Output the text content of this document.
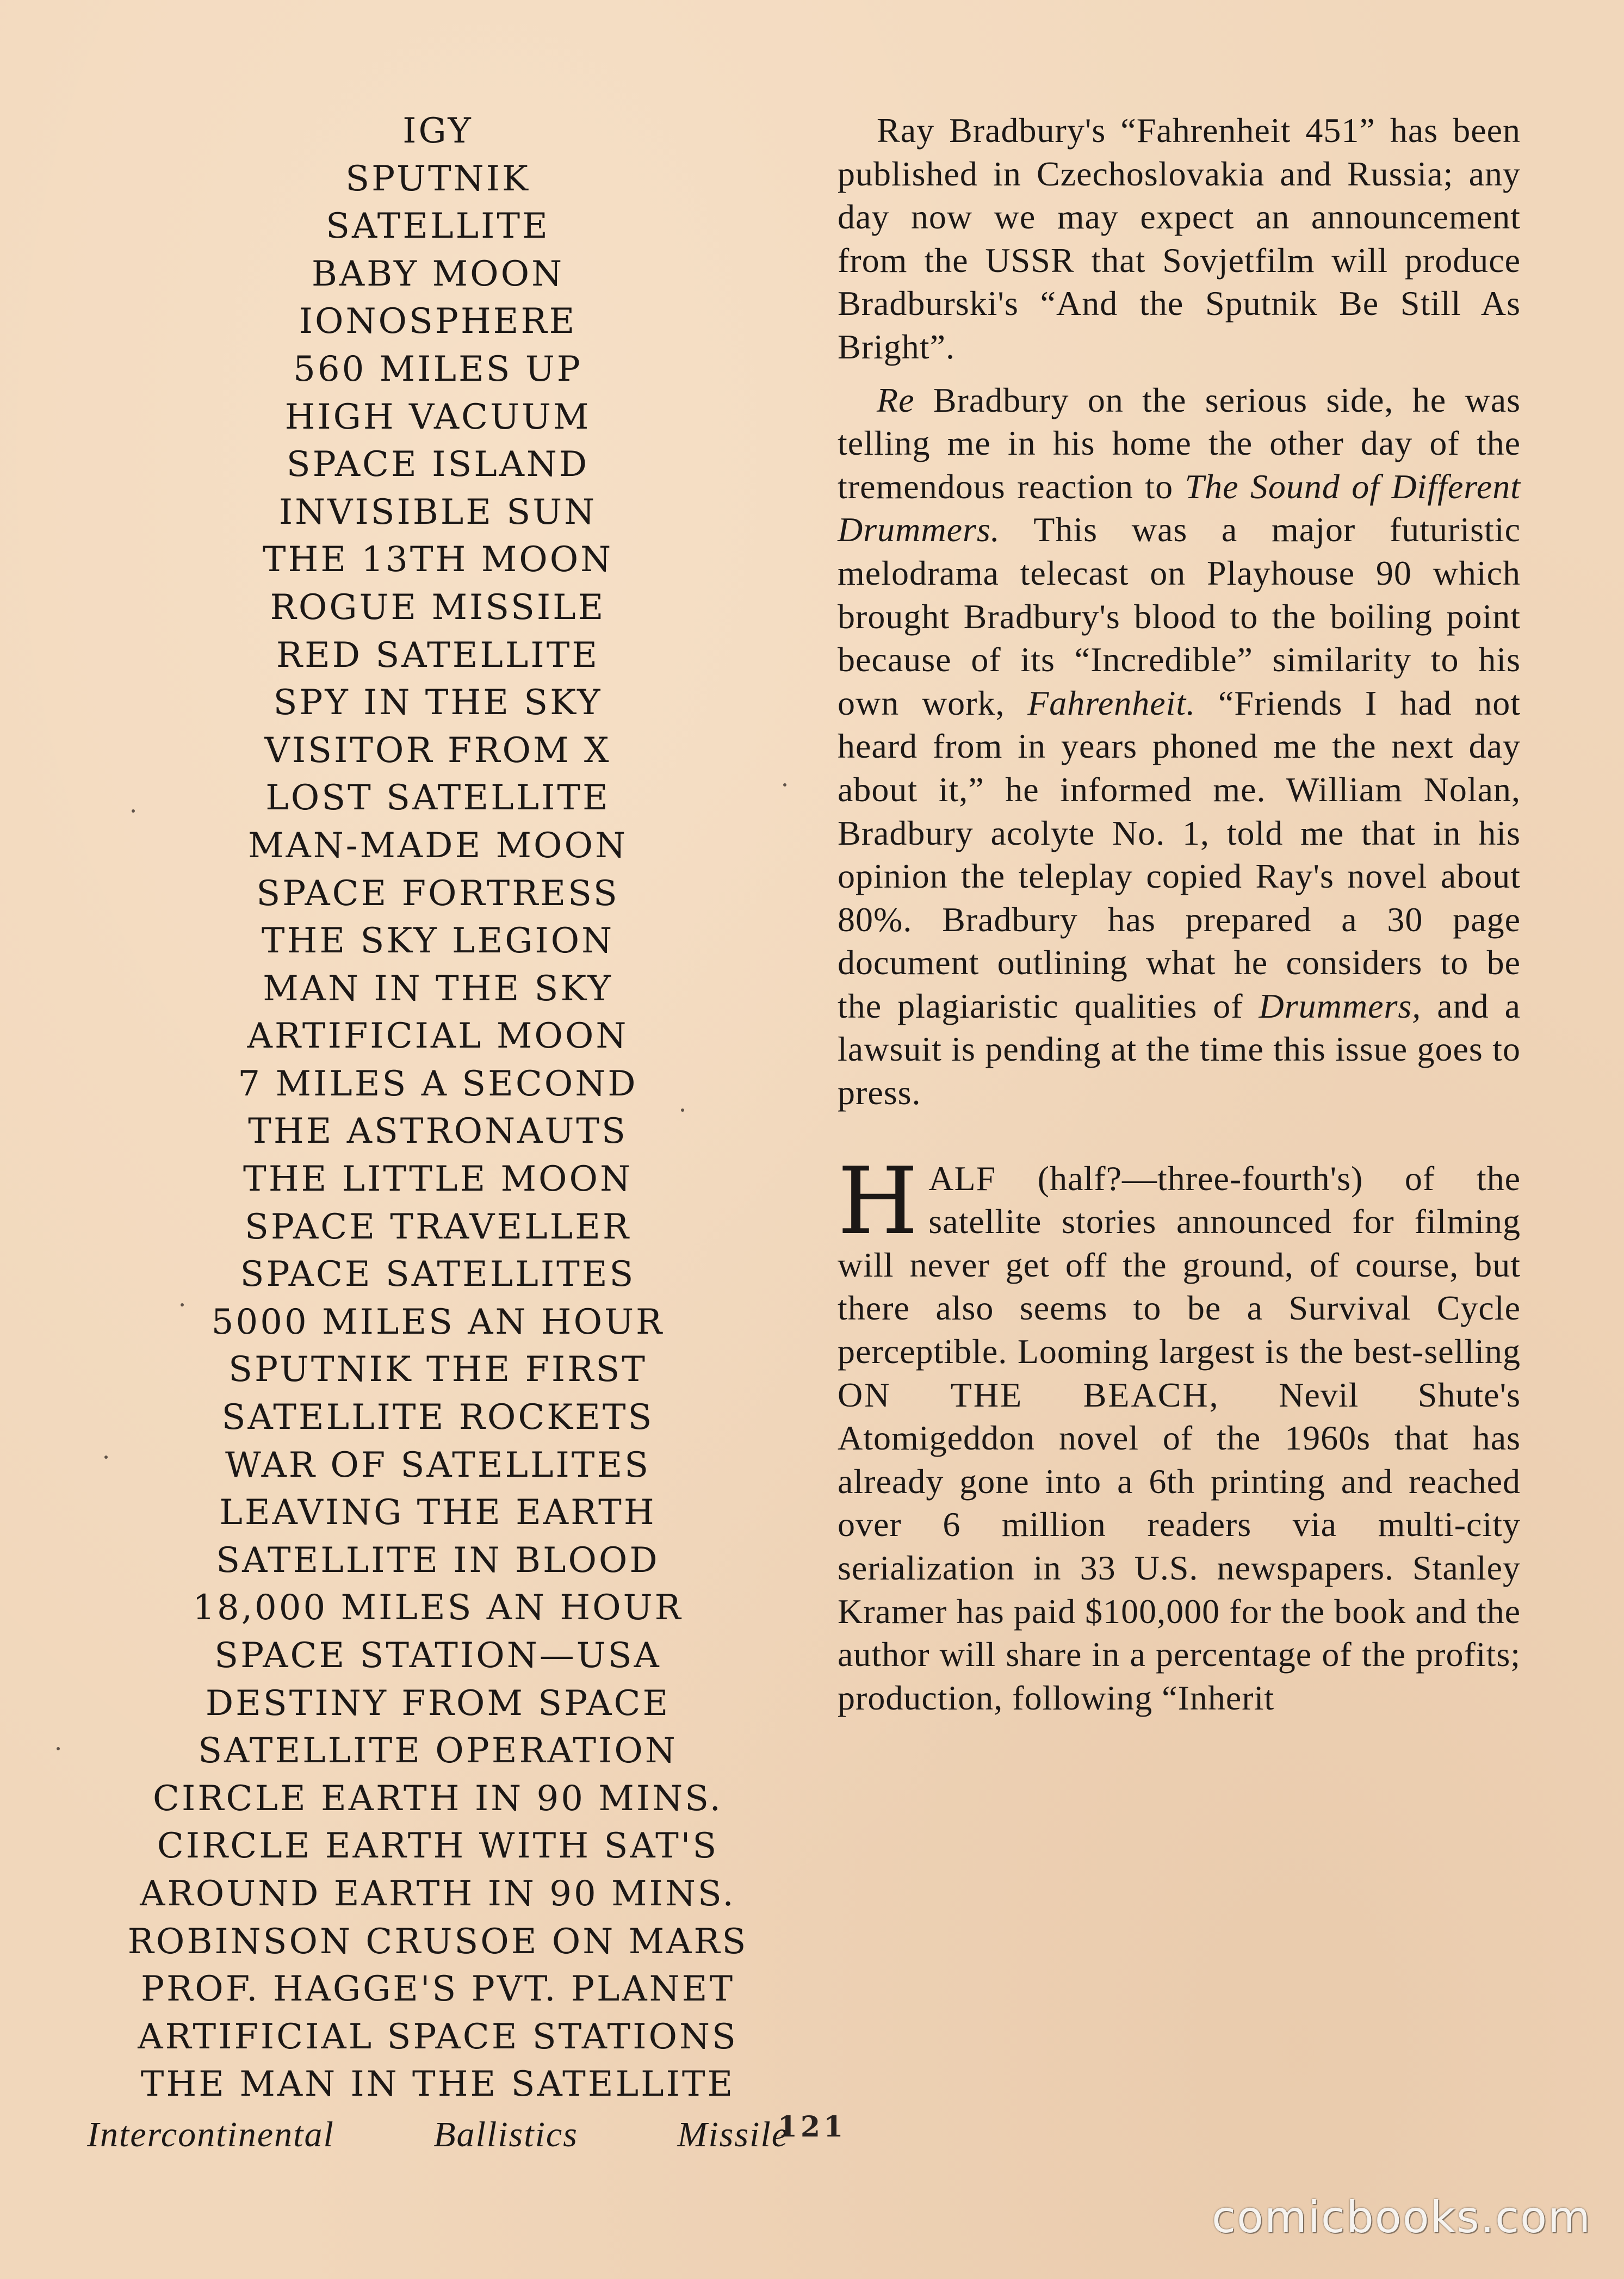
IGY
SPUTNIK
SATELLITE
BABY MOON
IONOSPHERE
560 MILES UP
HIGH VACUUM
SPACE ISLAND
INVISIBLE SUN
THE 13TH MOON
ROGUE MISSILE
RED SATELLITE
SPY IN THE SKY
VISITOR FROM X
LOST SATELLITE
MAN-MADE MOON
SPACE FORTRESS
THE SKY LEGION
MAN IN THE SKY
ARTIFICIAL MOON
7 MILES A SECOND
THE ASTRONAUTS
THE LITTLE MOON
SPACE TRAVELLER
SPACE SATELLITES
5000 MILES AN HOUR
SPUTNIK THE FIRST
SATELLITE ROCKETS
WAR OF SATELLITES
LEAVING THE EARTH
SATELLITE IN BLOOD
18,000 MILES AN HOUR
SPACE STATION—USA
DESTINY FROM SPACE
SATELLITE OPERATION
CIRCLE EARTH IN 90 MINS.
CIRCLE EARTH WITH SAT'S
AROUND EARTH IN 90 MINS.
ROBINSON CRUSOE ON MARS
PROF. HAGGE'S PVT. PLANET
ARTIFICIAL SPACE STATIONS
THE MAN IN THE SATELLITE
Intercontinental Ballistics Missile

Ray Bradbury's “Fahrenheit 451” has been published in Czechoslovakia and Russia; any day now we may expect an announcement from the USSR that Sovjetfilm will produce Bradburski's “And the Sputnik Be Still As Bright”.

Re Bradbury on the serious side, he was telling me in his home the other day of the tremendous reaction to The Sound of Different Drummers. This was a major futuristic melodrama telecast on Playhouse 90 which brought Bradbury's blood to the boiling point because of its “Incredible” similarity to his own work, Fahrenheit. “Friends I had not heard from in years phoned me the next day about it,” he informed me. William Nolan, Bradbury acolyte No. 1, told me that in his opinion the teleplay copied Ray's novel about 80%. Bradbury has prepared a 30 page document outlining what he considers to be the plagiaristic qualities of Drummers, and a lawsuit is pending at the time this issue goes to press.

HALF (half?—three-fourth's) of the satellite stories announced for filming will never get off the ground, of course, but there also seems to be a Survival Cycle perceptible. Looming largest is the best-selling ON THE BEACH, Nevil Shute's Atomigeddon novel of the 1960s that has already gone into a 6th printing and reached over 6 million readers via multi-city serialization in 33 U.S. newspapers. Stanley Kramer has paid $100,000 for the book and the author will share in a percentage of the profits; production, following “Inherit

121
comicbooks.com
